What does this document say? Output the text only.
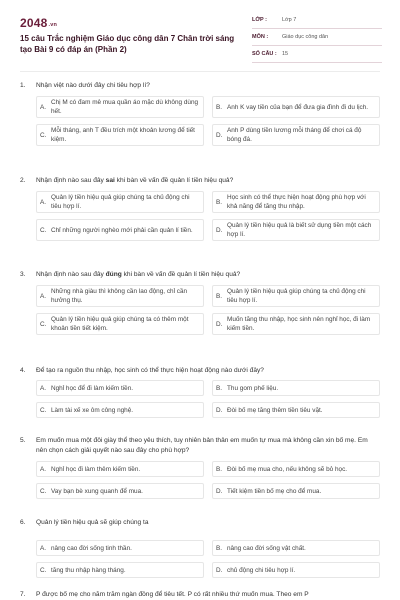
2048.vn
15 câu Trắc nghiệm Giáo dục công dân 7 Chân trời sáng tạo Bài 9 có đáp án (Phần 2)
LỚP :	Lớp 7
MÔN :	Giáo dục công dân
SỐ CÂU : 15
1.	Nhận việt nào dưới đây chi tiêu hợp lí?
A.
Chị M có đam mê mua quần áo mặc dù không dùng hết.
B. Anh K vay tiền của bạn để đưa gia đình đi du lịch.
C.
Mỗi tháng, anh T đều trích một khoản lương để tiết kiệm.
D.
Anh P dùng tiền lương mỗi tháng để chơi cá độ bóng đá.
2.	Nhận định nào sau đây sai khi bàn về vấn đề quản lí tiền hiệu quả?
A.
Quản lý tiền hiệu quả giúp chúng ta chủ động chi tiêu hợp lí.
B.
Học sinh có thể thực hiện hoạt động phù hợp với khả năng để tăng thu nhập.
C. Chỉ những người nghèo mới phải cần quản lí tiền.	D.
Quản lý tiền hiệu quả là biết sử dụng tiền một cách hợp lí.
3.	Nhận định nào sau đây đúng khi bàn về vấn đề quản lí tiền hiệu quả?
A.
Những nhà giàu thì không cần lao động, chỉ cần hưởng thụ.
B.
Quản lý tiền hiệu quả giúp chúng ta chủ động chi tiêu hợp lí.
C.
Quản lý tiền hiệu quả giúp chúng ta có thêm một khoản tiền tiết kiệm.
D.
Muốn tăng thu nhập, học sinh nên nghỉ học, đi làm kiếm tiền.
4.	Để tạo ra nguồn thu nhập, học sinh có thể thực hiện hoạt động nào dưới đây?
A. Nghỉ học để đi làm kiếm tiền.	B. Thu gom phế liệu.
C. Làm tài xế xe ôm công nghệ.	D. Đòi bố mẹ tăng thêm tiền tiêu vặt.
5.	Em muốn mua một đôi giày thể theo yêu thích, tuy nhiên bản thân em muốn tự mua mà không cần xin bố mẹ. Em nên chọn cách giải quyết nào sau đây cho phù hợp?
A. Nghỉ học đi làm thêm kiếm tiền.	B. Đòi bố mẹ mua cho, nếu không sẽ bỏ học.
C. Vay bạn bè xung quanh để mua.	D. Tiết kiệm tiền bố mẹ cho để mua.
6.	Quản lý tiền hiệu quả sẽ giúp chúng ta
A. nâng cao đời sống tinh thần.	B. nâng cao đời sống vật chất.
C. tăng thu nhập hàng tháng.	D. chủ động chi tiêu hợp lí.
7.	P được bố mẹ cho năm trăm ngàn đồng để tiêu tết. P có rất nhiều thứ muốn mua. Theo em P
